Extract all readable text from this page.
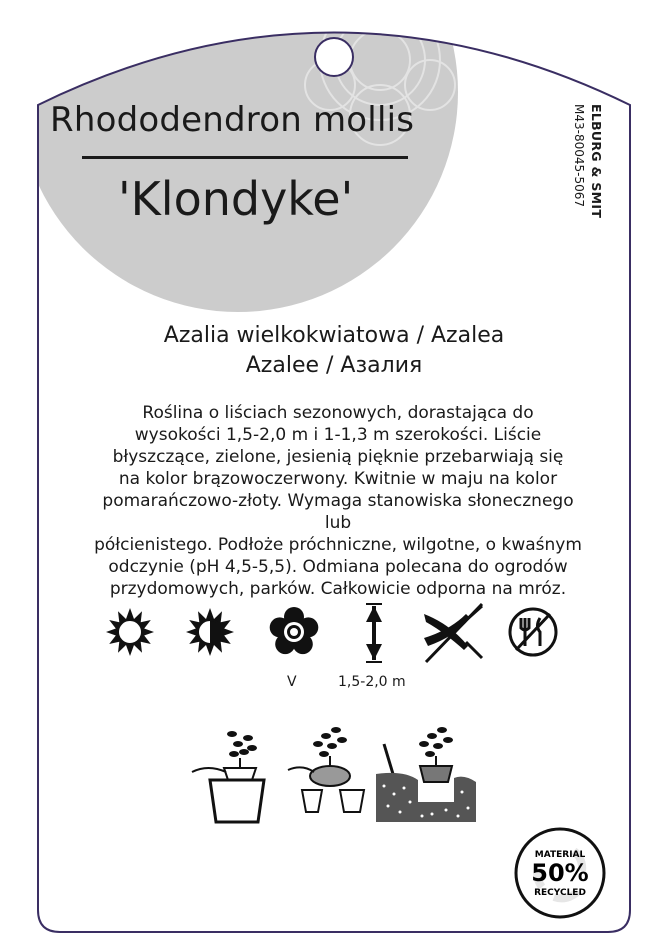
Rhododendron mollis
'Klondyke'	ELBURG & SMIT
M43-80045-5067
Azalia wielkokwiatowa / Azalea
Azalee / Азалия
Roślina o liściach sezonowych, dorastająca do
wysokości 1,5-2,0 m i 1-1,3 m szerokości. Liście
błyszczące, zielone, jesienią pięknie przebarwiają się
na kolor brązowoczerwony. Kwitnie w maju na kolor
pomarańczowo-złoty. Wymaga stanowiska słonecznego lub
półcienistego. Podłoże próchniczne, wilgotne, o kwaśnym
odczynie (pH 4,5-5,5). Odmiana polecana do ogrodów
przydomowych, parków. Całkowicie odporna na mróz.
V	1,5-2,0 m
MATERIAL
50%
RECYCLED
